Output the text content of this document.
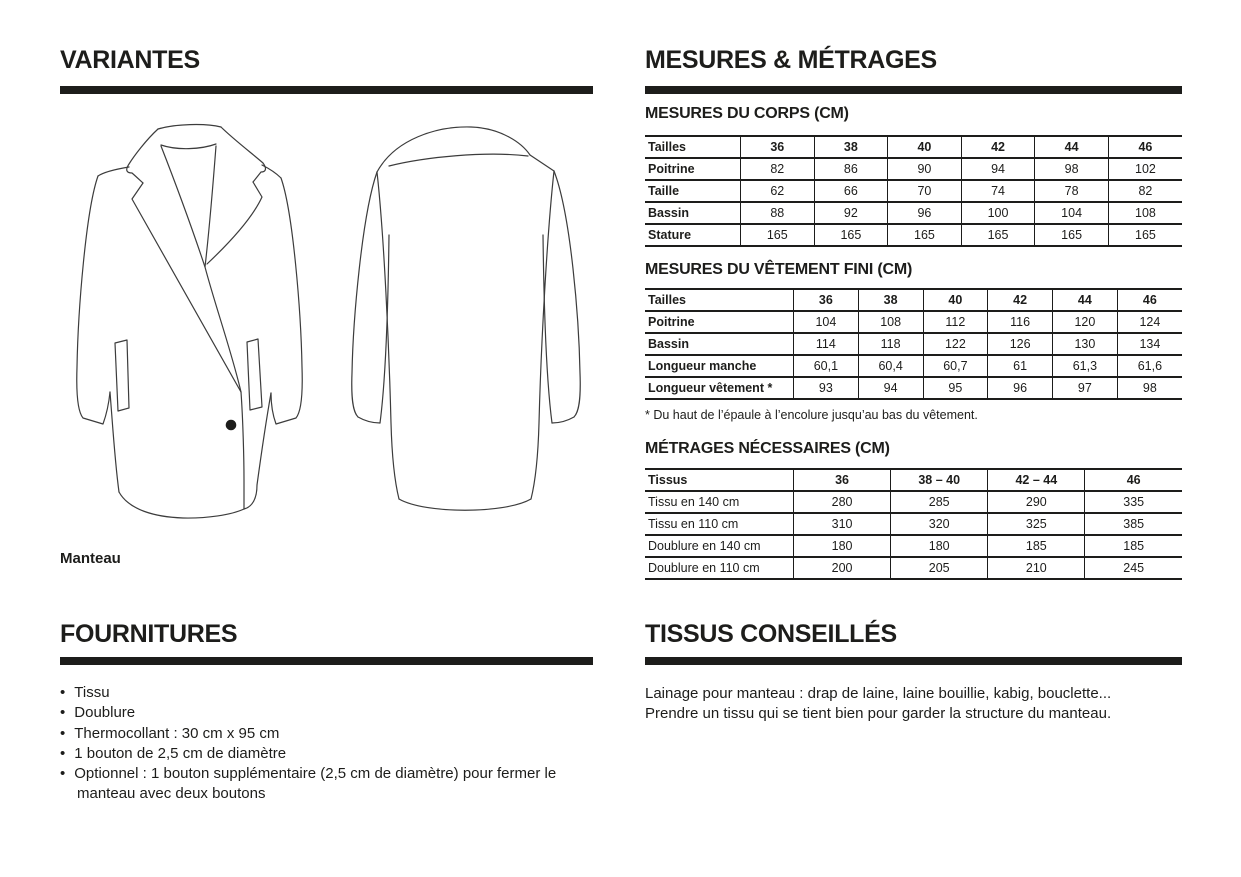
VARIANTES

Manteau

FOURNITURES
• Tissu
• Doublure
• Thermocollant : 30 cm x 95 cm
• 1 bouton de 2,5 cm de diamètre
• Optionnel : 1 bouton supplémentaire (2,5 cm de diamètre) pour fermer le manteau avec deux boutons
MESURES & MÉTRAGES
MESURES DU CORPS (CM)
Tailles	36	38	40	42	44	46
Poitrine	82	86	90	94	98	102
Taille	62	66	70	74	78	82
Bassin	88	92	96	100	104	108
Stature	165	165	165	165	165	165
MESURES DU VÊTEMENT FINI (CM)
Tailles	36	38	40	42	44	46
Poitrine	104	108	112	116	120	124
Bassin	114	118	122	126	130	134
Longueur manche	60,1	60,4	60,7	61	61,3	61,6
Longueur vêtement *	93	94	95	96	97	98

* Du haut de l’épaule à l’encolure jusqu’au bas du vêtement.

MÉTRAGES NÉCESSAIRES (CM)
Tissus	36	38 – 40	42 – 44	46
Tissu en 140 cm	280	285	290	335
Tissu en 110 cm	310	320	325	385
Doublure en 140 cm	180	180	185	185
Doublure en 110 cm	200	205	210	245
TISSUS CONSEILLÉS

Lainage pour manteau : drap de laine, laine bouillie, kabig, bouclette...
Prendre un tissu qui se tient bien pour garder la structure du manteau.
